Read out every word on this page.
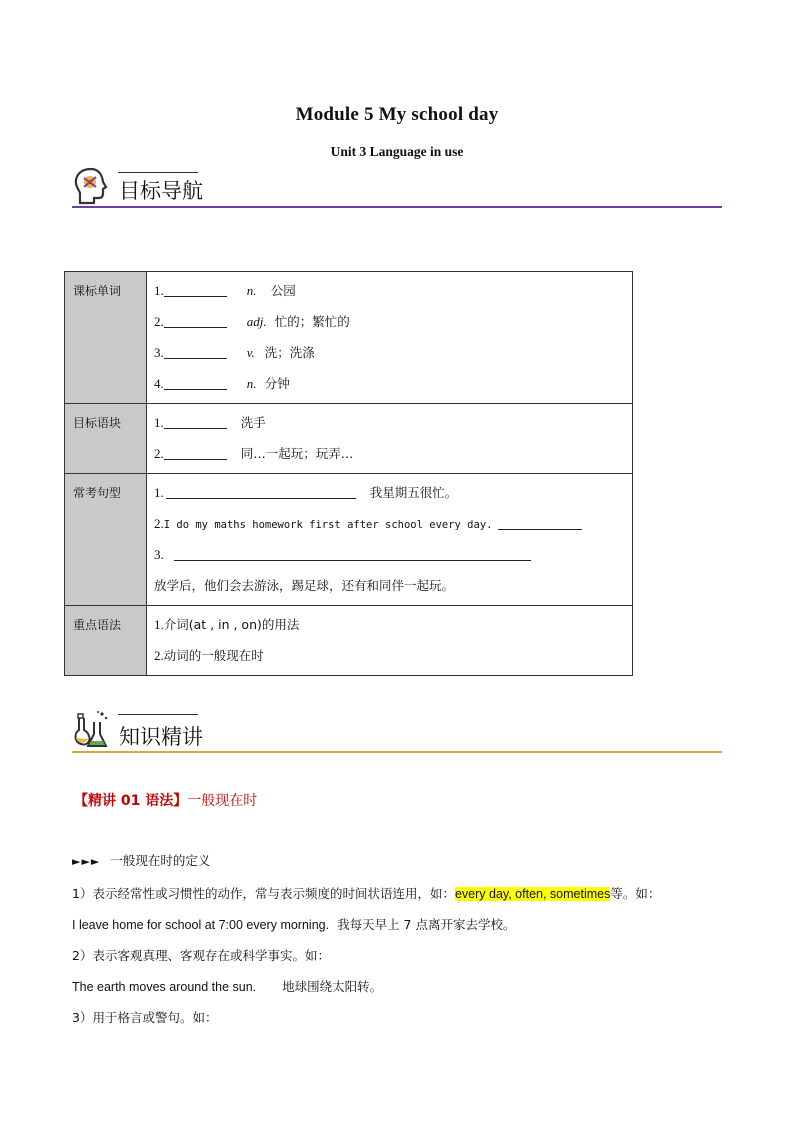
Module 5 My school day
Unit 3 Language in use
目标导航
课标单词	1. n. 公园
2. adj. 忙的；繁忙的
3. v. 洗；洗涤
4. n. 分钟

目标语块	1. 洗手
2. 同…一起玩；玩弄…

常考句型	1. 我星期五很忙。
2.I do my maths homework first after school every day.
3.
放学后，他们会去游泳，踢足球，还有和同伴一起玩。

重点语法	1.介词(at , in , on)的用法
2.动词的一般现在时
知识精讲
【精讲 01 语法】一般现在时
►►► 一般现在时的定义
1）表示经常性或习惯性的动作，常与表示频度的时间状语连用，如：every day, often, sometimes等。如：
I leave home for school at 7:00 every morning. 我每天早上 7 点离开家去学校。
2）表示客观真理、客观存在或科学事实。如：
The earth moves around the sun. 地球围绕太阳转。
3）用于格言或警句。如：
